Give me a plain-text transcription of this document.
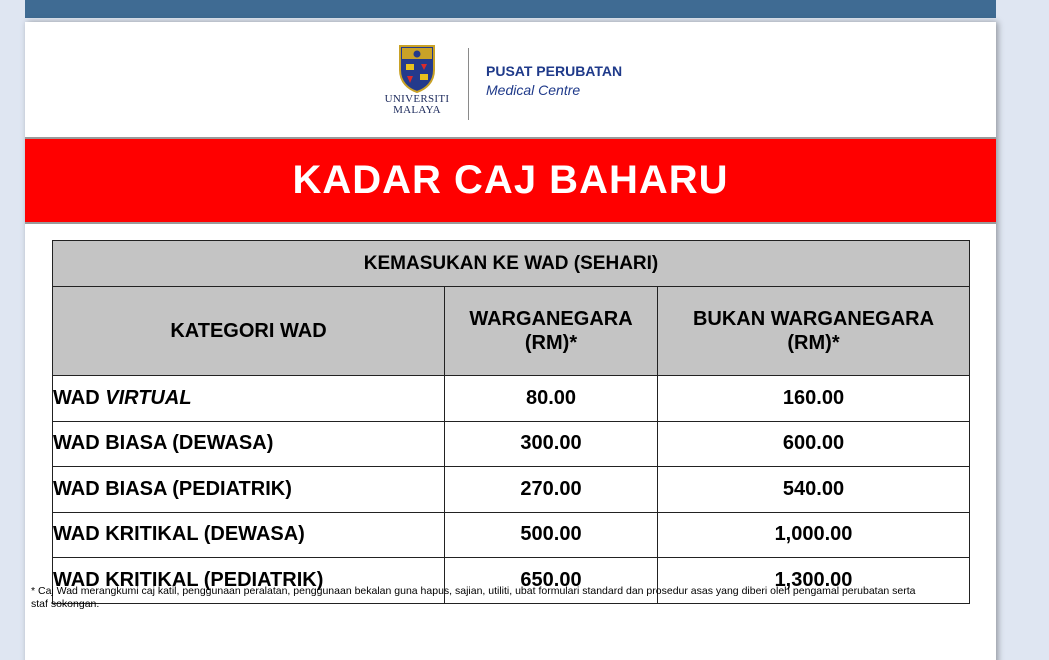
UNIVERSITI
MALAYA
PUSAT PERUBATAN
Medical Centre
KADAR CAJ BAHARU
KEMASUKAN KE WAD (SEHARI)		
KATEGORI WAD	WARGANEGARA (RM)*	BUKAN WARGANEGARA (RM)*
WAD VIRTUAL	80.00	160.00
WAD BIASA (DEWASA)	300.00	600.00
WAD BIASA (PEDIATRIK)	270.00	540.00
WAD KRITIKAL (DEWASA)	500.00	1,000.00
WAD KRITIKAL (PEDIATRIK)	650.00	1,300.00
* Caj Wad merangkumi caj katil, penggunaan peralatan, penggunaan bekalan guna hapus, sajian, utiliti, ubat formulari standard dan prosedur asas yang diberi oleh pengamal perubatan serta staf sokongan.
